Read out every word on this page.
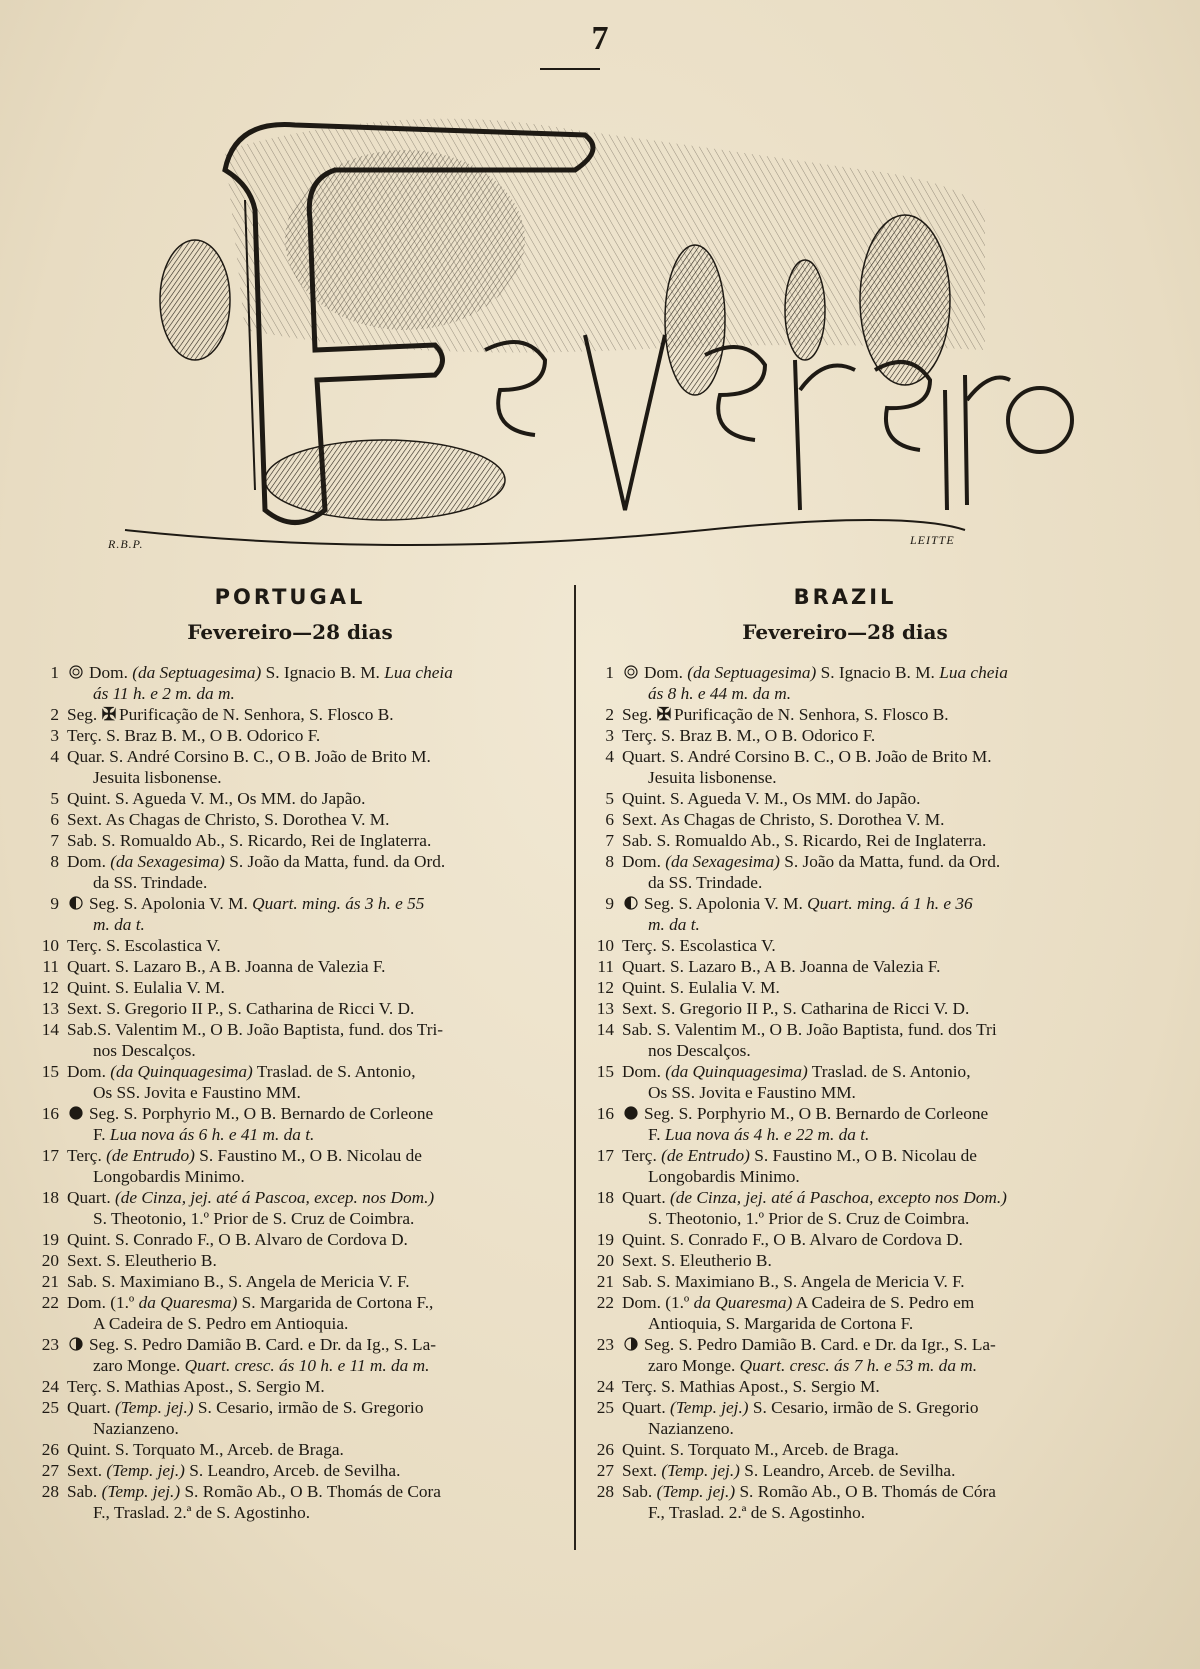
7
R.B.P.	LEITTE
PORTUGAL
Fevereiro—28 dias
1	Dom. (da Septuagesima) S. Ignacio B. M. Lua cheia
ás 11 h. e 2 m. da m.
2 Seg. ✠ Purificação de N. Senhora, S. Flosco B.
3 Terç. S. Braz B. M., O B. Odorico F.
4 Quar. S. André Corsino B. C., O B. João de Brito M.
Jesuita lisbonense.
5 Quint. S. Agueda V. M., Os MM. do Japão.
6 Sext. As Chagas de Christo, S. Dorothea V. M.
7 Sab. S. Romualdo Ab., S. Ricardo, Rei de Inglaterra.
8 Dom. (da Sexagesima) S. João da Matta, fund. da Ord.
da SS. Trindade.
9	Seg. S. Apolonia V. M. Quart. ming. ás 3 h. e 55
m. da t.
10 Terç. S. Escolastica V.
11 Quart. S. Lazaro B., A B. Joanna de Valezia F.
12 Quint. S. Eulalia V. M.
13 Sext. S. Gregorio II P., S. Catharina de Ricci V. D.
14 Sab.S. Valentim M., O B. João Baptista, fund. dos Tri-
nos Descalços.
15 Dom. (da Quinquagesima) Traslad. de S. Antonio,
Os SS. Jovita e Faustino MM.
16	Seg. S. Porphyrio M., O B. Bernardo de Corleone
F. Lua nova ás 6 h. e 41 m. da t.
17 Terç. (de Entrudo) S. Faustino M., O B. Nicolau de
Longobardis Minimo.
18 Quart. (de Cinza, jej. até á Pascoa, excep. nos Dom.)
S. Theotonio, 1.º Prior de S. Cruz de Coimbra.
19 Quint. S. Conrado F., O B. Alvaro de Cordova D.
20 Sext. S. Eleutherio B.
21 Sab. S. Maximiano B., S. Angela de Mericia V. F.
22 Dom. (1.º da Quaresma) S. Margarida de Cortona F.,
A Cadeira de S. Pedro em Antioquia.
23	Seg. S. Pedro Damião B. Card. e Dr. da Ig., S. La-
zaro Monge. Quart. cresc. ás 10 h. e 11 m. da m.
24 Terç. S. Mathias Apost., S. Sergio M.
25 Quart. (Temp. jej.) S. Cesario, irmão de S. Gregorio
Nazianzeno.
26 Quint. S. Torquato M., Arceb. de Braga.
27 Sext. (Temp. jej.) S. Leandro, Arceb. de Sevilha.
28 Sab. (Temp. jej.) S. Romão Ab., O B. Thomás de Cora
F., Traslad. 2.ª de S. Agostinho.
BRAZIL
Fevereiro—28 dias
1	Dom. (da Septuagesima) S. Ignacio B. M. Lua cheia
ás 8 h. e 44 m. da m.
2 Seg. ✠ Purificação de N. Senhora, S. Flosco B.
3 Terç. S. Braz B. M., O B. Odorico F.
4 Quart. S. André Corsino B. C., O B. João de Brito M.
Jesuita lisbonense.
5 Quint. S. Agueda V. M., Os MM. do Japão.
6 Sext. As Chagas de Christo, S. Dorothea V. M.
7 Sab. S. Romualdo Ab., S. Ricardo, Rei de Inglaterra.
8 Dom. (da Sexagesima) S. João da Matta, fund. da Ord.
da SS. Trindade.
9	Seg. S. Apolonia V. M. Quart. ming. á 1 h. e 36
m. da t.
10 Terç. S. Escolastica V.
11 Quart. S. Lazaro B., A B. Joanna de Valezia F.
12 Quint. S. Eulalia V. M.
13 Sext. S. Gregorio II P., S. Catharina de Ricci V. D.
14 Sab. S. Valentim M., O B. João Baptista, fund. dos Tri
nos Descalços.
15 Dom. (da Quinquagesima) Traslad. de S. Antonio,
Os SS. Jovita e Faustino MM.
16	Seg. S. Porphyrio M., O B. Bernardo de Corleone
F. Lua nova ás 4 h. e 22 m. da t.
17 Terç. (de Entrudo) S. Faustino M., O B. Nicolau de
Longobardis Minimo.
18 Quart. (de Cinza, jej. até á Paschoa, excepto nos Dom.)
S. Theotonio, 1.º Prior de S. Cruz de Coimbra.
19 Quint. S. Conrado F., O B. Alvaro de Cordova D.
20 Sext. S. Eleutherio B.
21 Sab. S. Maximiano B., S. Angela de Mericia V. F.
22 Dom. (1.º da Quaresma) A Cadeira de S. Pedro em
Antioquia, S. Margarida de Cortona F.
23	Seg. S. Pedro Damião B. Card. e Dr. da Igr., S. La-
zaro Monge. Quart. cresc. ás 7 h. e 53 m. da m.
24 Terç. S. Mathias Apost., S. Sergio M.
25 Quart. (Temp. jej.) S. Cesario, irmão de S. Gregorio
Nazianzeno.
26 Quint. S. Torquato M., Arceb. de Braga.
27 Sext. (Temp. jej.) S. Leandro, Arceb. de Sevilha.
28 Sab. (Temp. jej.) S. Romão Ab., O B. Thomás de Córa
F., Traslad. 2.ª de S. Agostinho.
